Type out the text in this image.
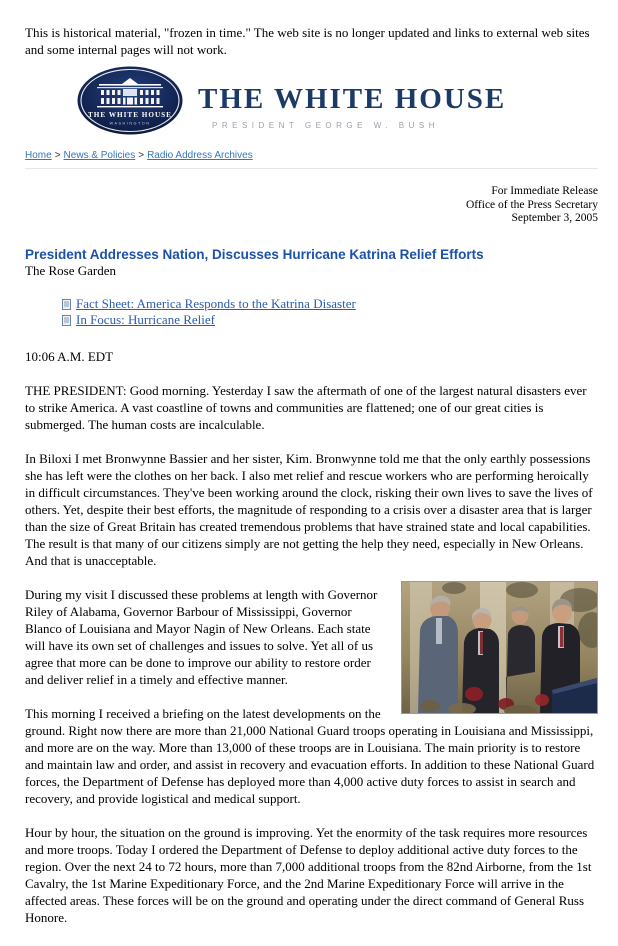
This is historical material, "frozen in time." The web site is no longer updated and links to external web sites and some internal pages will not work.
THE WHITE HOUSE
WASHINGTON
THE WHITE HOUSE
PRESIDENT GEORGE W. BUSH
Home > News & Policies > Radio Address Archives
For Immediate Release
Office of the Press Secretary
September 3, 2005
President Addresses Nation, Discusses Hurricane Katrina Relief Efforts
The Rose Garden
Fact Sheet: America Responds to the Katrina Disaster
In Focus: Hurricane Relief
10:06 A.M. EDT

THE PRESIDENT: Good morning. Yesterday I saw the aftermath of one of the largest natural disasters ever to strike America. A vast coastline of towns and communities are flattened; one of our great cities is submerged. The human costs are incalculable.

In Biloxi I met Bronwynne Bassier and her sister, Kim. Bronwynne told me that the only earthly possessions she has left were the clothes on her back. I also met relief and rescue workers who are performing heroically in difficult circumstances. They've been working around the clock, risking their own lives to save the lives of others. Yet, despite their best efforts, the magnitude of responding to a crisis over a disaster area that is larger than the size of Great Britain has created tremendous problems that have strained state and local capabilities. The result is that many of our citizens simply are not getting the help they need, especially in New Orleans. And that is unacceptable.

During my visit I discussed these problems at length with Governor Riley of Alabama, Governor Barbour of Mississippi, Governor Blanco of Louisiana and Mayor Nagin of New Orleans. Each state will have its own set of challenges and issues to solve. Yet all of us agree that more can be done to improve our ability to restore order and deliver relief in a timely and effective manner.

This morning I received a briefing on the latest developments on the ground. Right now there are more than 21,000 National Guard troops operating in Louisiana and Mississippi, and more are on the way. More than 13,000 of these troops are in Louisiana. The main priority is to restore and maintain law and order, and assist in recovery and evacuation efforts. In addition to these National Guard forces, the Department of Defense has deployed more than 4,000 active duty forces to assist in search and recovery, and provide logistical and medical support.

Hour by hour, the situation on the ground is improving. Yet the enormity of the task requires more resources and more troops. Today I ordered the Department of Defense to deploy additional active duty forces to the region. Over the next 24 to 72 hours, more than 7,000 additional troops from the 82nd Airborne, from the 1st Cavalry, the 1st Marine Expeditionary Force, and the 2nd Marine Expeditionary Force will arrive in the affected areas. These forces will be on the ground and operating under the direct command of General Russ Honore.
